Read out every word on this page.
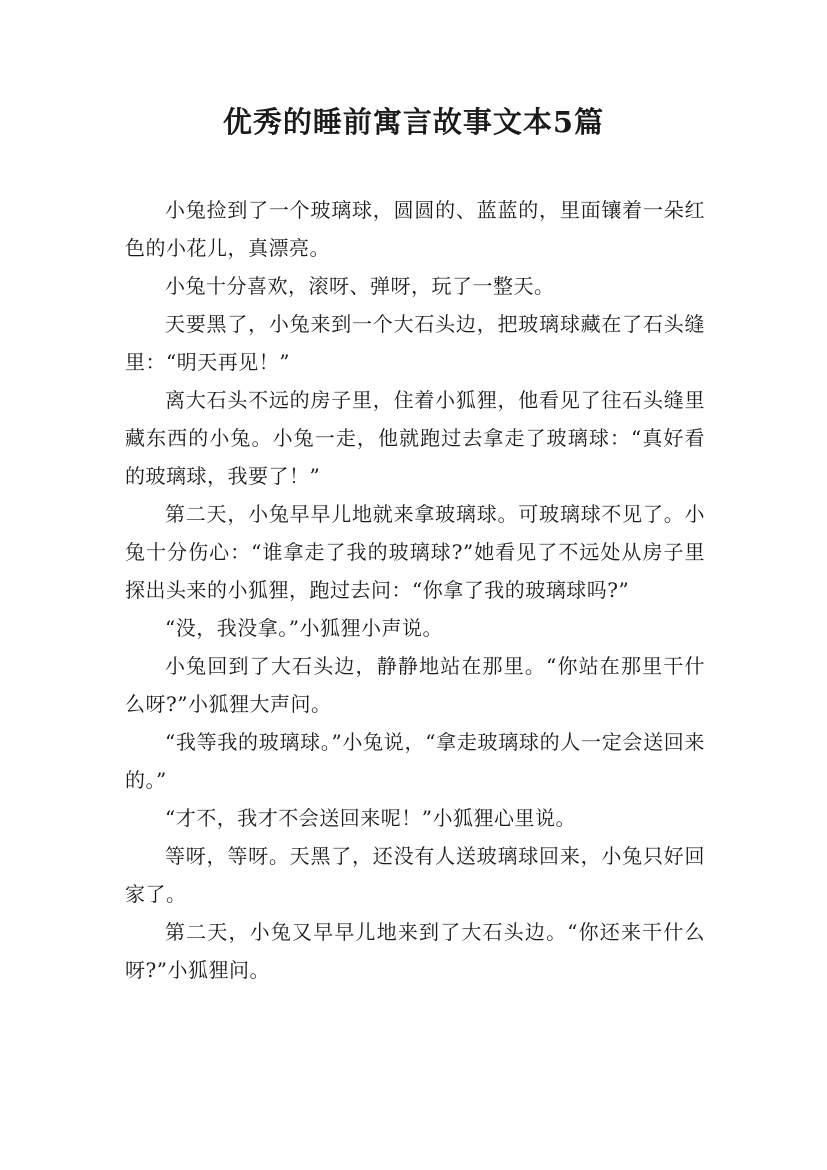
优秀的睡前寓言故事文本5篇

小兔捡到了一个玻璃球，圆圆的、蓝蓝的，里面镶着一朵红色的小花儿，真漂亮。

小兔十分喜欢，滚呀、弹呀，玩了一整天。

天要黑了，小兔来到一个大石头边，把玻璃球藏在了石头缝里：“明天再见！”

离大石头不远的房子里，住着小狐狸，他看见了往石头缝里藏东西的小兔。小兔一走，他就跑过去拿走了玻璃球：“真好看的玻璃球，我要了！”

第二天，小兔早早儿地就来拿玻璃球。可玻璃球不见了。小兔十分伤心：“谁拿走了我的玻璃球?”她看见了不远处从房子里探出头来的小狐狸，跑过去问：“你拿了我的玻璃球吗?”

“没，我没拿。”小狐狸小声说。

小兔回到了大石头边，静静地站在那里。“你站在那里干什么呀?”小狐狸大声问。

“我等我的玻璃球。”小兔说，“拿走玻璃球的人一定会送回来的。”

“才不，我才不会送回来呢！”小狐狸心里说。

等呀，等呀。天黑了，还没有人送玻璃球回来，小兔只好回家了。

第二天，小兔又早早儿地来到了大石头边。“你还来干什么呀?”小狐狸问。
